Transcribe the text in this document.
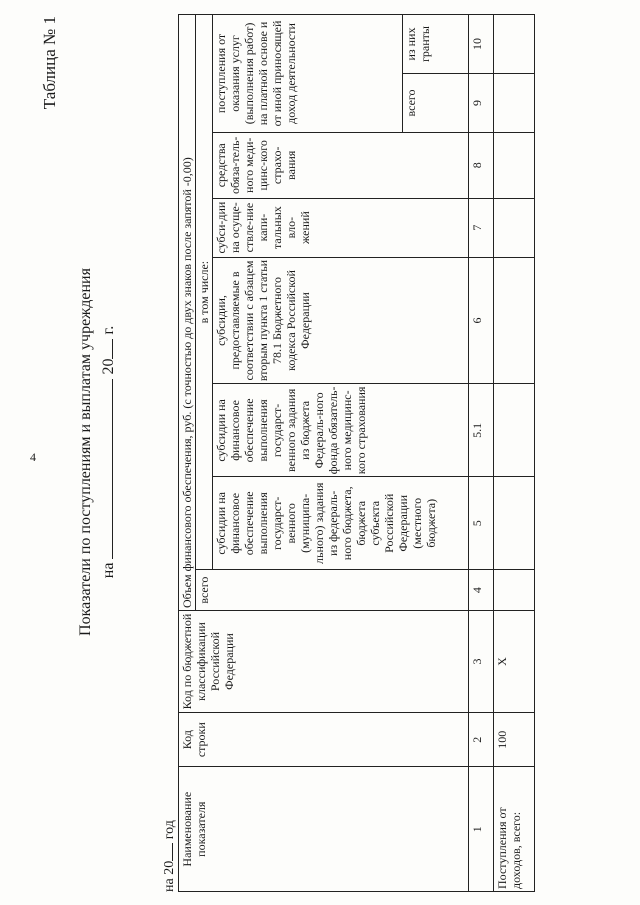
4
Таблица № 1
Показатели по поступлениям и выплатам учреждения на  20 г.
на 20 год Наименование показателя	Код строки	Код по бюджетной классификации Российской Федерации	Объем финансового обеспечения, руб. (с точностью до двух знаков после запятой -0,00)							
			всего	в том числе:						
				субсидии на финансовое обеспечение выполнения государст-венного (муниципа-льного) задания из федераль-ного бюджета, бюджета субъекта Российской Федерации (местного бюджета)	субсидии на финансовое обеспечение выполнения государст-венного задания из бюджета Федераль-ного фонда обязатель-ного медицинс-кого страхования	субсидии, предоставляемые в соответствии с абзацем вторым пункта 1 статьи 78.1 Бюджетного кодекса Российской Федерации	субси-дии на осуще-ствле-ние капи-тальных вло-жений	средства обяза-тель-ного меди-цинс-кого страхо-вания	поступления от оказания услуг (выполнения работ) на платной основе и от иной приносящей доход деятельности	
									всего	из них гранты
1	2	3	4	5	5.1	6	7	8	9	10
Поступления от доходов, всего:	100	X								
